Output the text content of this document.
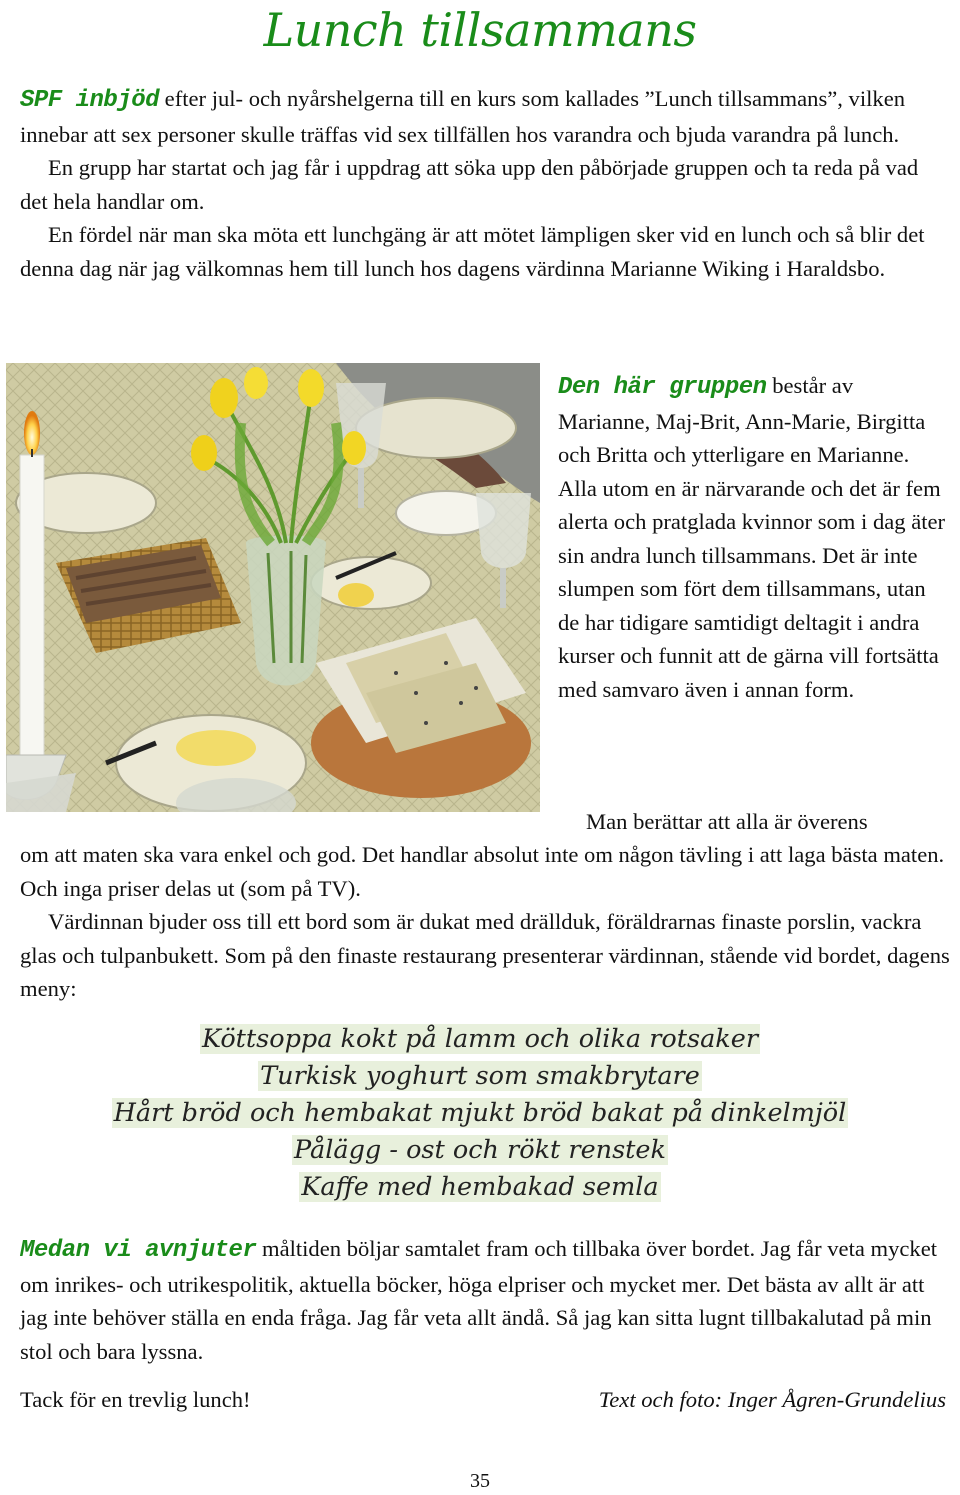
Lunch tillsammans
SPF inbjöd efter jul- och nyårshelgerna till en kurs som kallades ”Lunch tillsammans”, vilken innebar att sex personer skulle träffas vid sex tillfällen hos varandra och bjuda varandra på lunch.
En grupp har startat och jag får i uppdrag att söka upp den påbörjade gruppen och ta reda på vad det hela handlar om.
En fördel när man ska möta ett lunchgäng är att mötet lämpligen sker vid en lunch och så blir det denna dag när jag välkomnas hem till lunch hos dagens värdinna Marianne Wiking i Haraldsbo.
Den här gruppen består av Marianne, Maj-Brit, Ann-Marie, Birgitta och Britta och ytterligare en Marianne. Alla utom en är närvarande och det är fem alerta och pratglada kvinnor som i dag äter sin andra lunch tillsammans. Det är inte slumpen som fört dem tillsammans, utan de har tidigare samtidigt deltagit i andra kurser och funnit att de gärna vill fortsätta med samvaro även i annan form.
Man berättar att alla är överens
om att maten ska vara enkel och god. Det handlar absolut inte om någon tävling i att laga bästa maten. Och inga priser delas ut (som på TV).
Värdinnan bjuder oss till ett bord som är dukat med drällduk, föräldrarnas finaste porslin, vackra glas och tulpanbukett. Som på den finaste restaurang presenterar värdinnan, stående vid bordet, dagens meny:
Köttsoppa kokt på lamm och olika rotsaker
Turkisk yoghurt som smakbrytare
Hårt bröd och hembakat mjukt bröd bakat på dinkelmjöl
Pålägg - ost och rökt renstek
Kaffe med hembakad semla
Medan vi avnjuter måltiden böljar samtalet fram och tillbaka över bordet. Jag får veta mycket om inrikes- och utrikespolitik, aktuella böcker, höga elpriser och mycket mer. Det bästa av allt är att jag inte behöver ställa en enda fråga. Jag får veta allt ändå. Så jag kan sitta lugnt tillbakalutad på min stol och bara lyssna.
Tack för en trevlig lunch!	Text och foto: Inger Ågren-Grundelius
35
